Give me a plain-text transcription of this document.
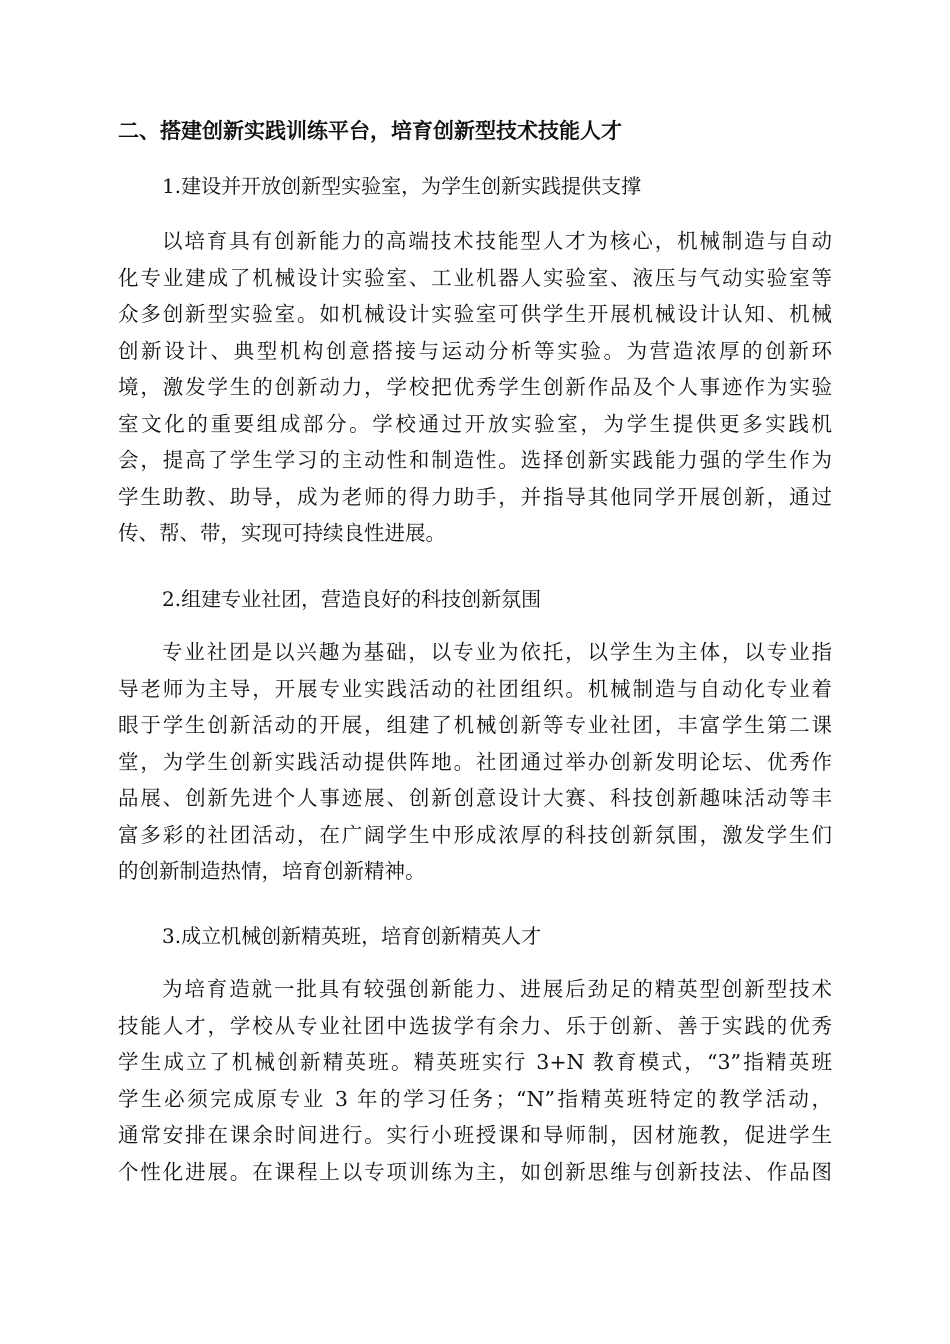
二、搭建创新实践训练平台，培育创新型技术技能人才
1.建设并开放创新型实验室，为学生创新实践提供支撑
以培育具有创新能力的高端技术技能型人才为核心，机械制造与自动
化专业建成了机械设计实验室、工业机器人实验室、液压与气动实验室等
众多创新型实验室。如机械设计实验室可供学生开展机械设计认知、机械
创新设计、典型机构创意搭接与运动分析等实验。为营造浓厚的创新环
境，激发学生的创新动力，学校把优秀学生创新作品及个人事迹作为实验
室文化的重要组成部分。学校通过开放实验室，为学生提供更多实践机
会，提高了学生学习的主动性和制造性。选择创新实践能力强的学生作为
学生助教、助导，成为老师的得力助手，并指导其他同学开展创新，通过
传、帮、带，实现可持续良性进展。
2.组建专业社团，营造良好的科技创新氛围
专业社团是以兴趣为基础，以专业为依托，以学生为主体，以专业指
导老师为主导，开展专业实践活动的社团组织。机械制造与自动化专业着
眼于学生创新活动的开展，组建了机械创新等专业社团，丰富学生第二课
堂，为学生创新实践活动提供阵地。社团通过举办创新发明论坛、优秀作
品展、创新先进个人事迹展、创新创意设计大赛、科技创新趣味活动等丰
富多彩的社团活动，在广阔学生中形成浓厚的科技创新氛围，激发学生们
的创新制造热情，培育创新精神。
3.成立机械创新精英班，培育创新精英人才
为培育造就一批具有较强创新能力、进展后劲足的精英型创新型技术
技能人才，学校从专业社团中选拔学有余力、乐于创新、善于实践的优秀
学生成立了机械创新精英班。精英班实行 3+N 教育模式，“3”指精英班
学生必须完成原专业 3 年的学习任务；“N”指精英班特定的教学活动，
通常安排在课余时间进行。实行小班授课和导师制，因材施教，促进学生
个性化进展。在课程上以专项训练为主，如创新思维与创新技法、作品图
